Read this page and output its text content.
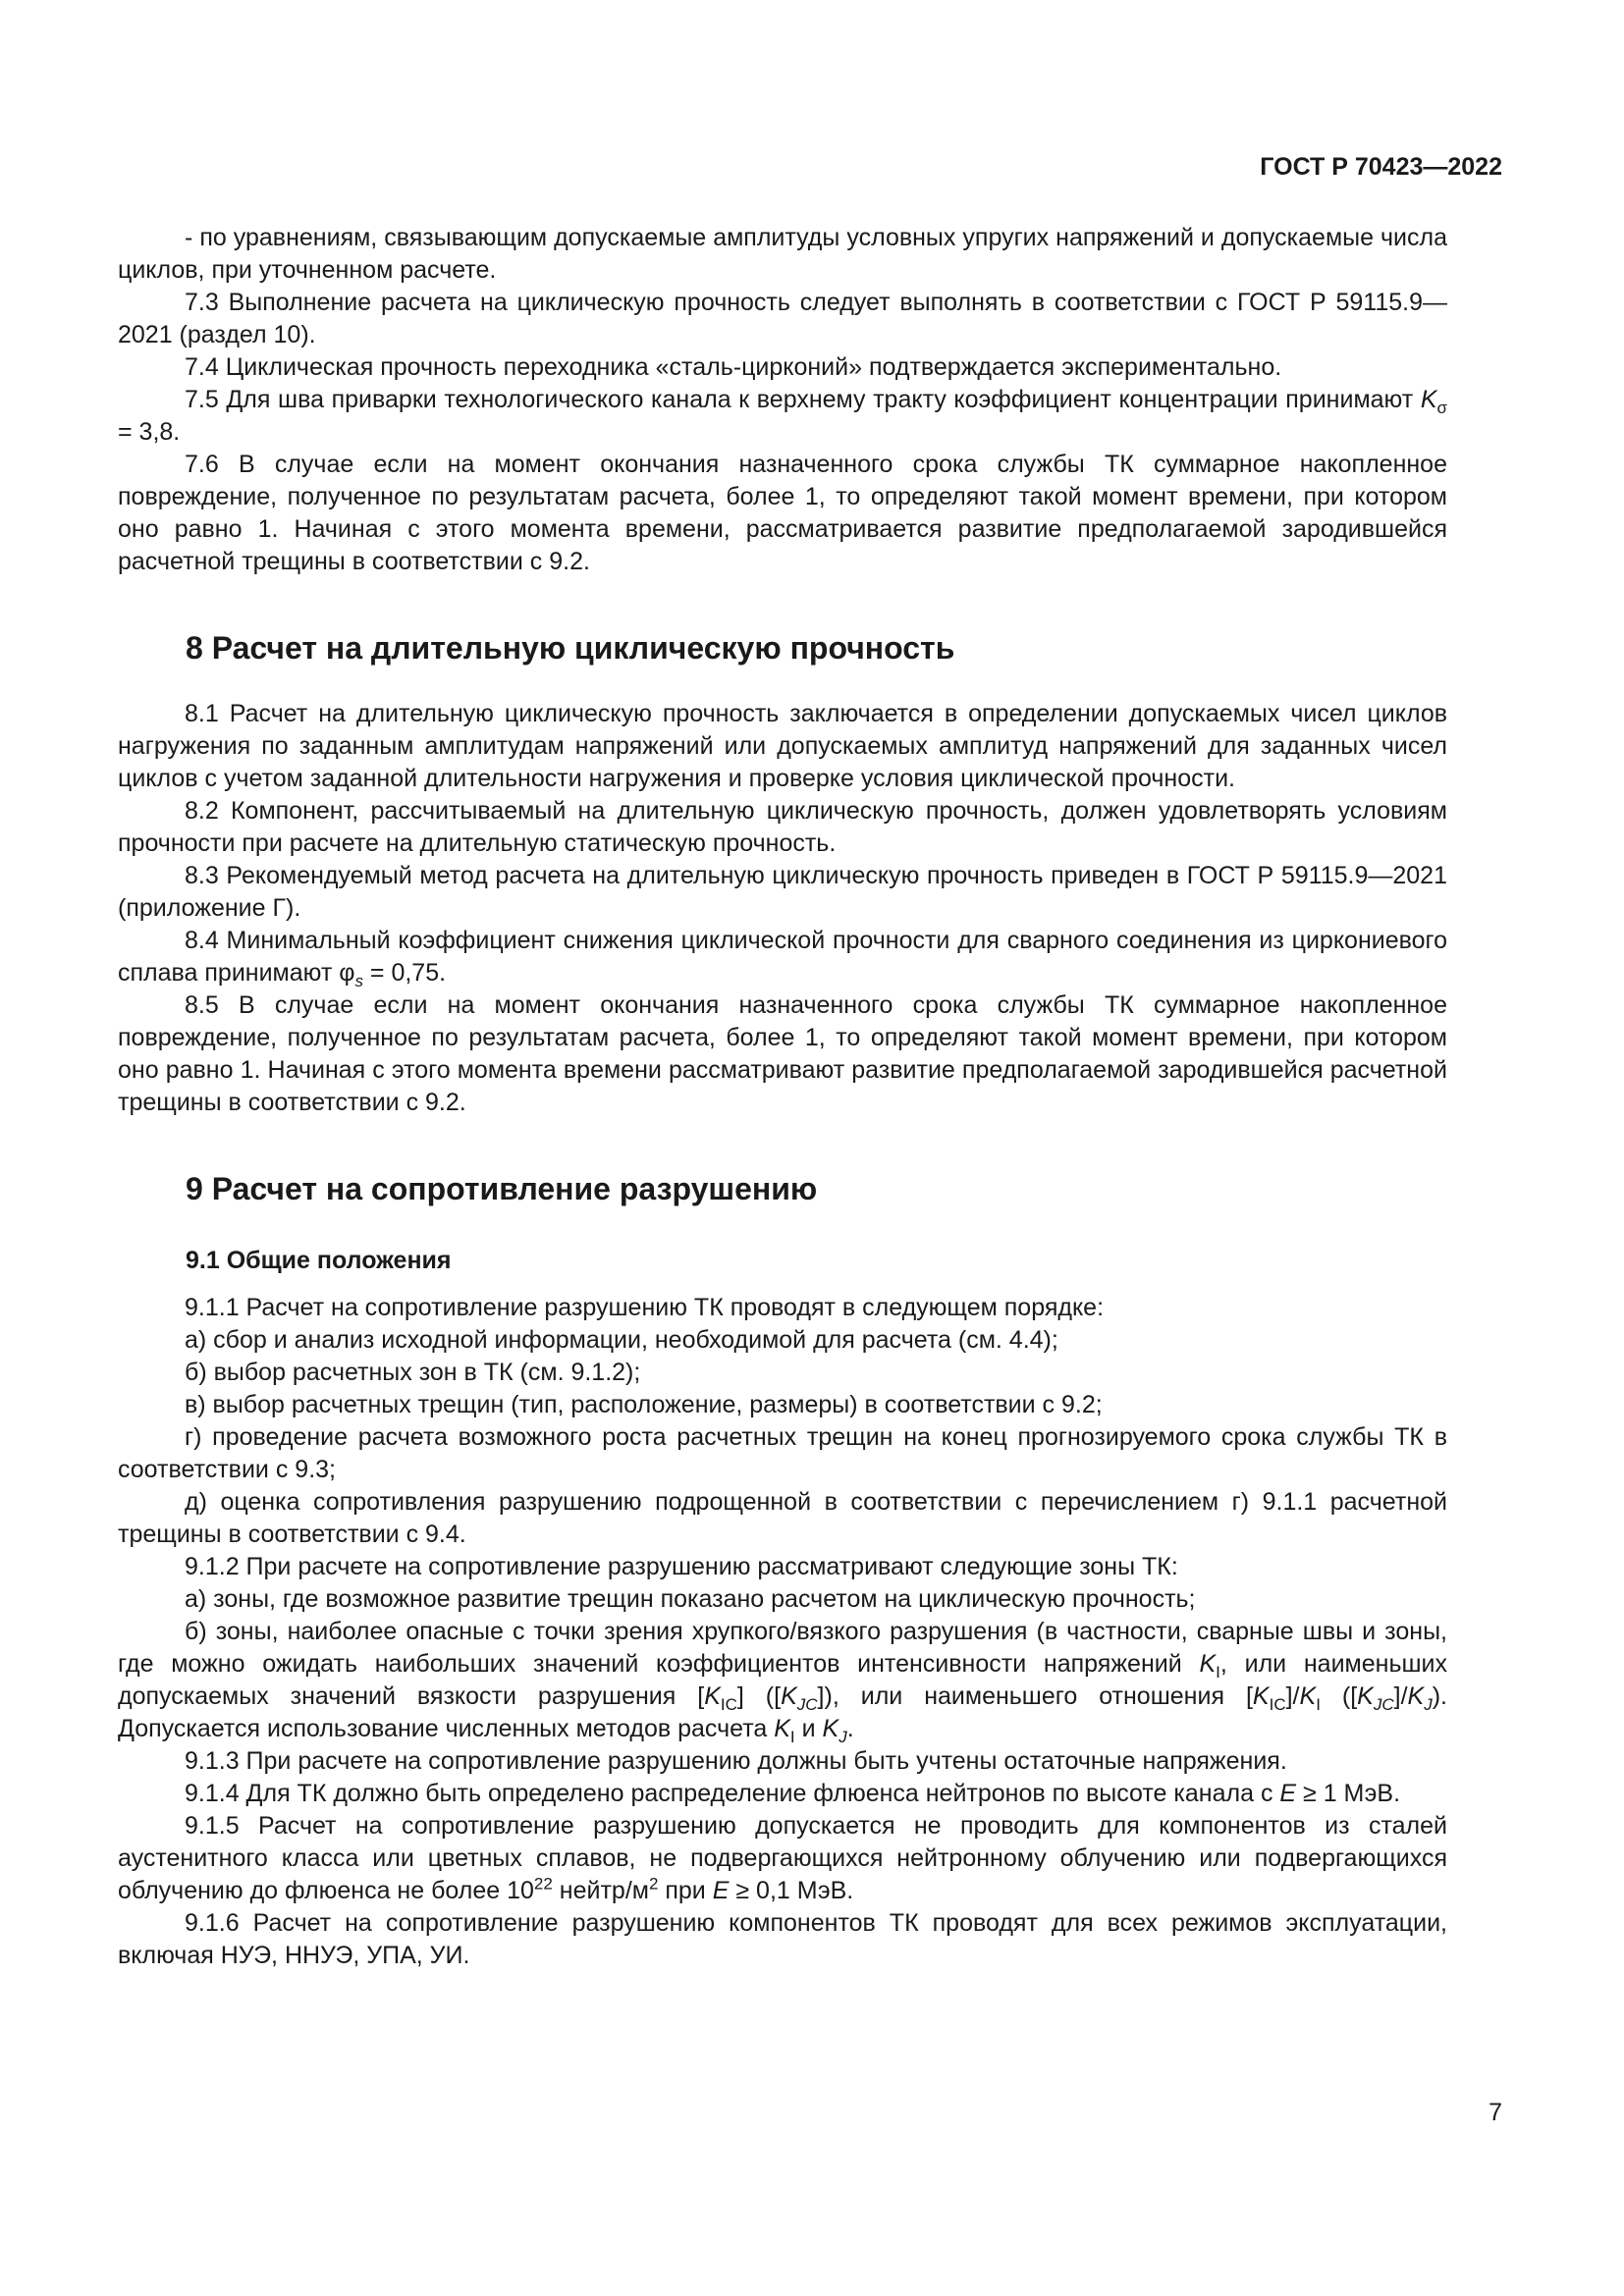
ГОСТ Р 70423—2022

- по уравнениям, связывающим допускаемые амплитуды условных упругих напряжений и допускаемые числа циклов, при уточненном расчете.

7.3 Выполнение расчета на циклическую прочность следует выполнять в соответствии с ГОСТ Р 59115.9—2021 (раздел 10).

7.4 Циклическая прочность переходника «сталь-цирконий» подтверждается экспериментально.

7.5 Для шва приварки технологического канала к верхнему тракту коэффициент концентрации принимают $K_\sigma = 3,8$.

7.6 В случае если на момент окончания назначенного срока службы ТК суммарное накопленное повреждение, полученное по результатам расчета, более 1, то определяют такой момент времени, при котором оно равно 1. Начиная с этого момента времени, рассматривается развитие предполагаемой зародившейся расчетной трещины в соответствии с 9.2.

8 Расчет на длительную циклическую прочность

8.1 Расчет на длительную циклическую прочность заключается в определении допускаемых чисел циклов нагружения по заданным амплитудам напряжений или допускаемых амплитуд напряжений для заданных чисел циклов с учетом заданной длительности нагружения и проверке условия циклической прочности.

8.2 Компонент, рассчитываемый на длительную циклическую прочность, должен удовлетворять условиям прочности при расчете на длительную статическую прочность.

8.3 Рекомендуемый метод расчета на длительную циклическую прочность приведен в ГОСТ Р 59115.9—2021 (приложение Г).

8.4 Минимальный коэффициент снижения циклической прочности для сварного соединения из циркониевого сплава принимают $\varphi_s = 0,75$.

8.5 В случае если на момент окончания назначенного срока службы ТК суммарное накопленное повреждение, полученное по результатам расчета, более 1, то определяют такой момент времени, при котором оно равно 1. Начиная с этого момента времени рассматривают развитие предполагаемой зародившейся расчетной трещины в соответствии с 9.2.

9 Расчет на сопротивление разрушению
9.1 Общие положения

9.1.1 Расчет на сопротивление разрушению ТК проводят в следующем порядке:

а) сбор и анализ исходной информации, необходимой для расчета (см. 4.4);

б) выбор расчетных зон в ТК (см. 9.1.2);

в) выбор расчетных трещин (тип, расположение, размеры) в соответствии с 9.2;

г) проведение расчета возможного роста расчетных трещин на конец прогнозируемого срока службы ТК в соответствии с 9.3;

д) оценка сопротивления разрушению подрощенной в соответствии с перечислением г) 9.1.1 расчетной трещины в соответствии с 9.4.

9.1.2 При расчете на сопротивление разрушению рассматривают следующие зоны ТК:

а) зоны, где возможное развитие трещин показано расчетом на циклическую прочность;

б) зоны, наиболее опасные с точки зрения хрупкого/вязкого разрушения (в частности, сварные швы и зоны, где можно ожидать наибольших значений коэффициентов интенсивности напряжений $K_I$, или наименьших допускаемых значений вязкости разрушения $[K_{IC}]$ $([K_{JC}])$, или наименьшего отношения $[K_{IC}]/K_I$ $([K_{JC}]/K_J)$. Допускается использование численных методов расчета $K_I$ и $K_J$.

9.1.3 При расчете на сопротивление разрушению должны быть учтены остаточные напряжения.

9.1.4 Для ТК должно быть определено распределение флюенса нейтронов по высоте канала с E ≥ 1 МэВ.

9.1.5 Расчет на сопротивление разрушению допускается не проводить для компонентов из сталей аустенитного класса или цветных сплавов, не подвергающихся нейтронному облучению или подвергающихся облучению до флюенса не более $10^{22}$ нейтр/$м^2$ при E ≥ 0,1 МэВ.

9.1.6 Расчет на сопротивление разрушению компонентов ТК проводят для всех режимов эксплуатации, включая НУЭ, ННУЭ, УПА, УИ.

7
